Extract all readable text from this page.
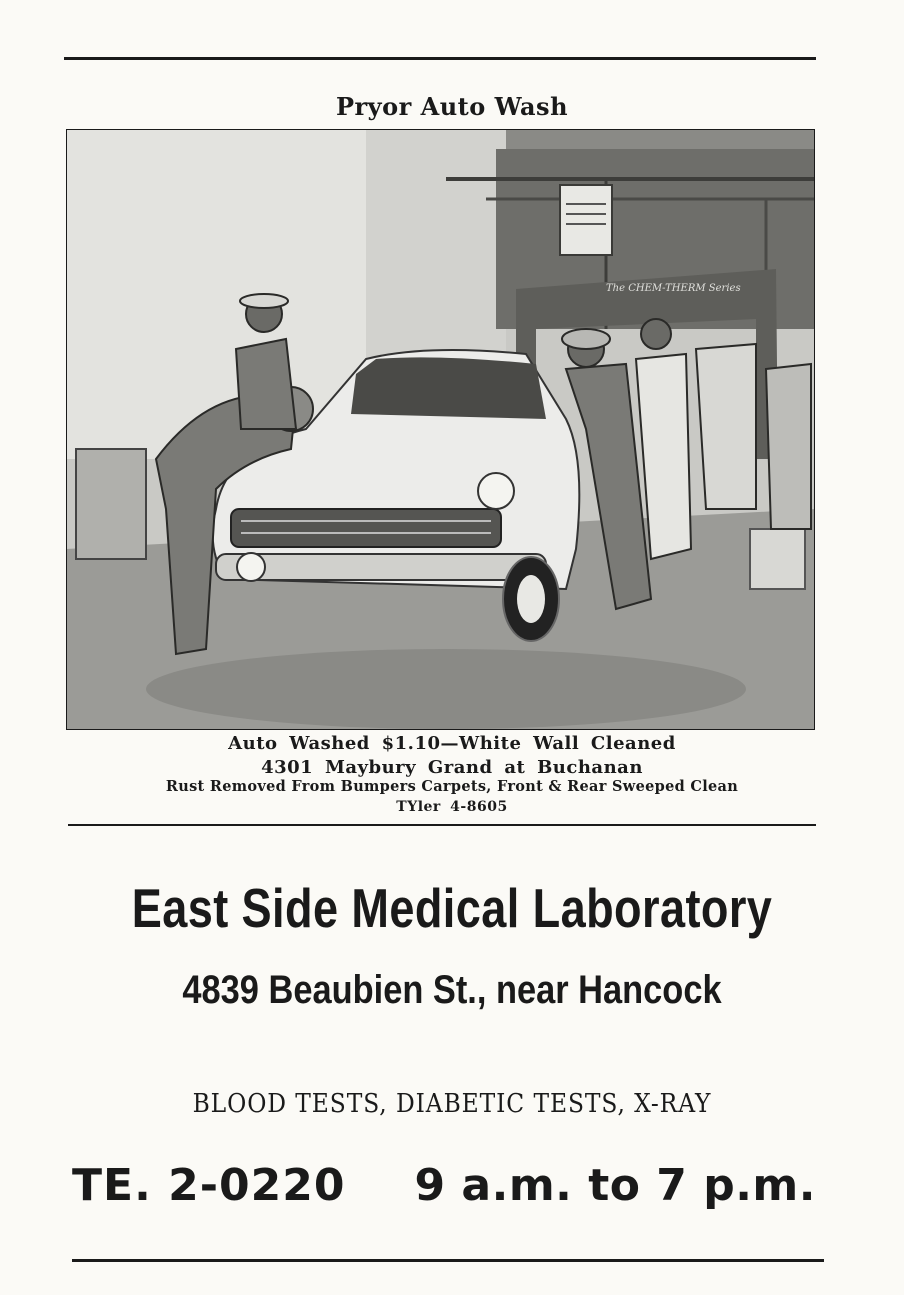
Pryor Auto Wash
The CHEM-THERM Series
Auto Washed $1.10—White Wall Cleaned
4301 Maybury Grand at Buchanan
Rust Removed From Bumpers Carpets, Front & Rear Sweeped Clean
TYler 4-8605
East Side Medical Laboratory
4839 Beaubien St., near Hancock
BLOOD TESTS, DIABETIC TESTS, X-RAY
TE. 2-0220 9 a.m. to 7 p.m.
